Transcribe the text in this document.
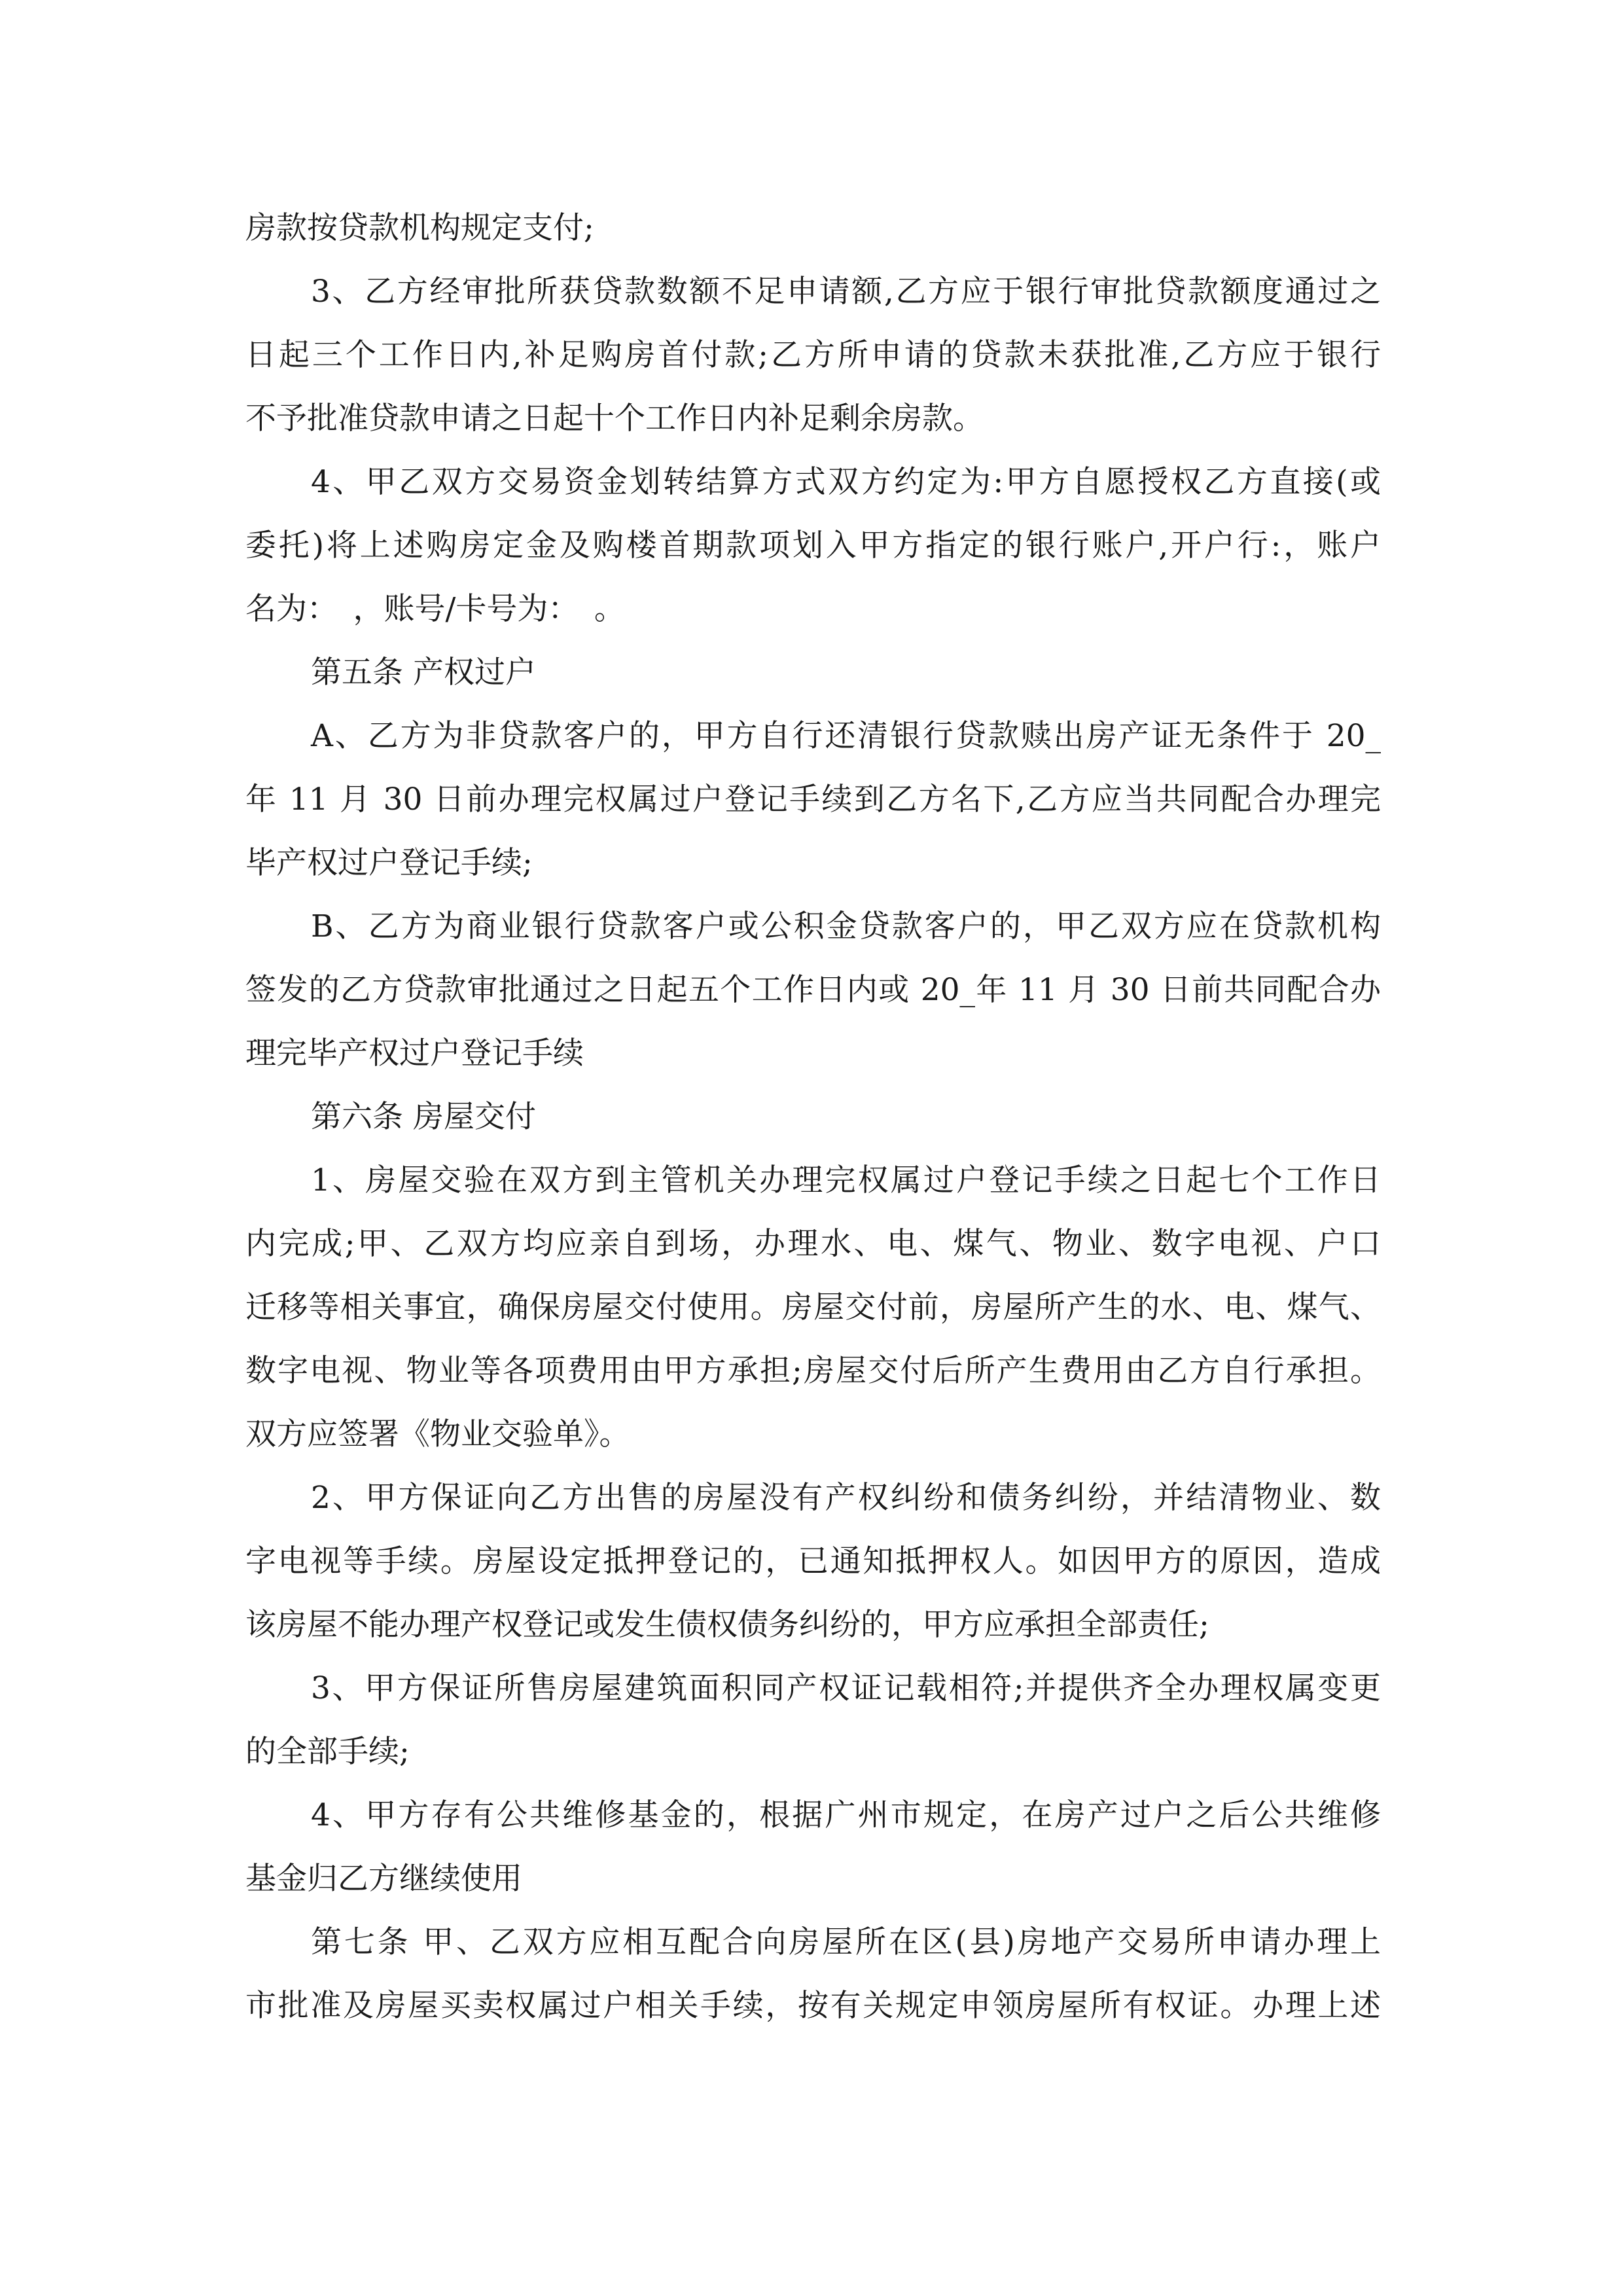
房款按贷款机构规定支付;
3、乙方经审批所获贷款数额不足申请额,乙方应于银行审批贷款额度通过之
日起三个工作日内,补足购房首付款;乙方所申请的贷款未获批准,乙方应于银行
不予批准贷款申请之日起十个工作日内补足剩余房款。
4、甲乙双方交易资金划转结算方式双方约定为:甲方自愿授权乙方直接(或
委托)将上述购房定金及购楼首期款项划入甲方指定的银行账户,开户行:，账户
名为：　，账号/卡号为：　。
第五条 产权过户
A、乙方为非贷款客户的，甲方自行还清银行贷款赎出房产证无条件于 20_
年 11 月 30 日前办理完权属过户登记手续到乙方名下,乙方应当共同配合办理完
毕产权过户登记手续;
B、乙方为商业银行贷款客户或公积金贷款客户的，甲乙双方应在贷款机构
签发的乙方贷款审批通过之日起五个工作日内或 20_年 11 月 30 日前共同配合办
理完毕产权过户登记手续
第六条 房屋交付
1、房屋交验在双方到主管机关办理完权属过户登记手续之日起七个工作日
内完成;甲、乙双方均应亲自到场，办理水、电、煤气、物业、数字电视、户口
迁移等相关事宜，确保房屋交付使用。房屋交付前，房屋所产生的水、电、煤气、
数字电视、物业等各项费用由甲方承担;房屋交付后所产生费用由乙方自行承担。
双方应签署《物业交验单》。
2、甲方保证向乙方出售的房屋没有产权纠纷和债务纠纷，并结清物业、数
字电视等手续。房屋设定抵押登记的，已通知抵押权人。如因甲方的原因，造成
该房屋不能办理产权登记或发生债权债务纠纷的，甲方应承担全部责任;
3、甲方保证所售房屋建筑面积同产权证记载相符;并提供齐全办理权属变更
的全部手续;
4、甲方存有公共维修基金的，根据广州市规定，在房产过户之后公共维修
基金归乙方继续使用
第七条 甲、乙双方应相互配合向房屋所在区(县)房地产交易所申请办理上
市批准及房屋买卖权属过户相关手续，按有关规定申领房屋所有权证。办理上述
